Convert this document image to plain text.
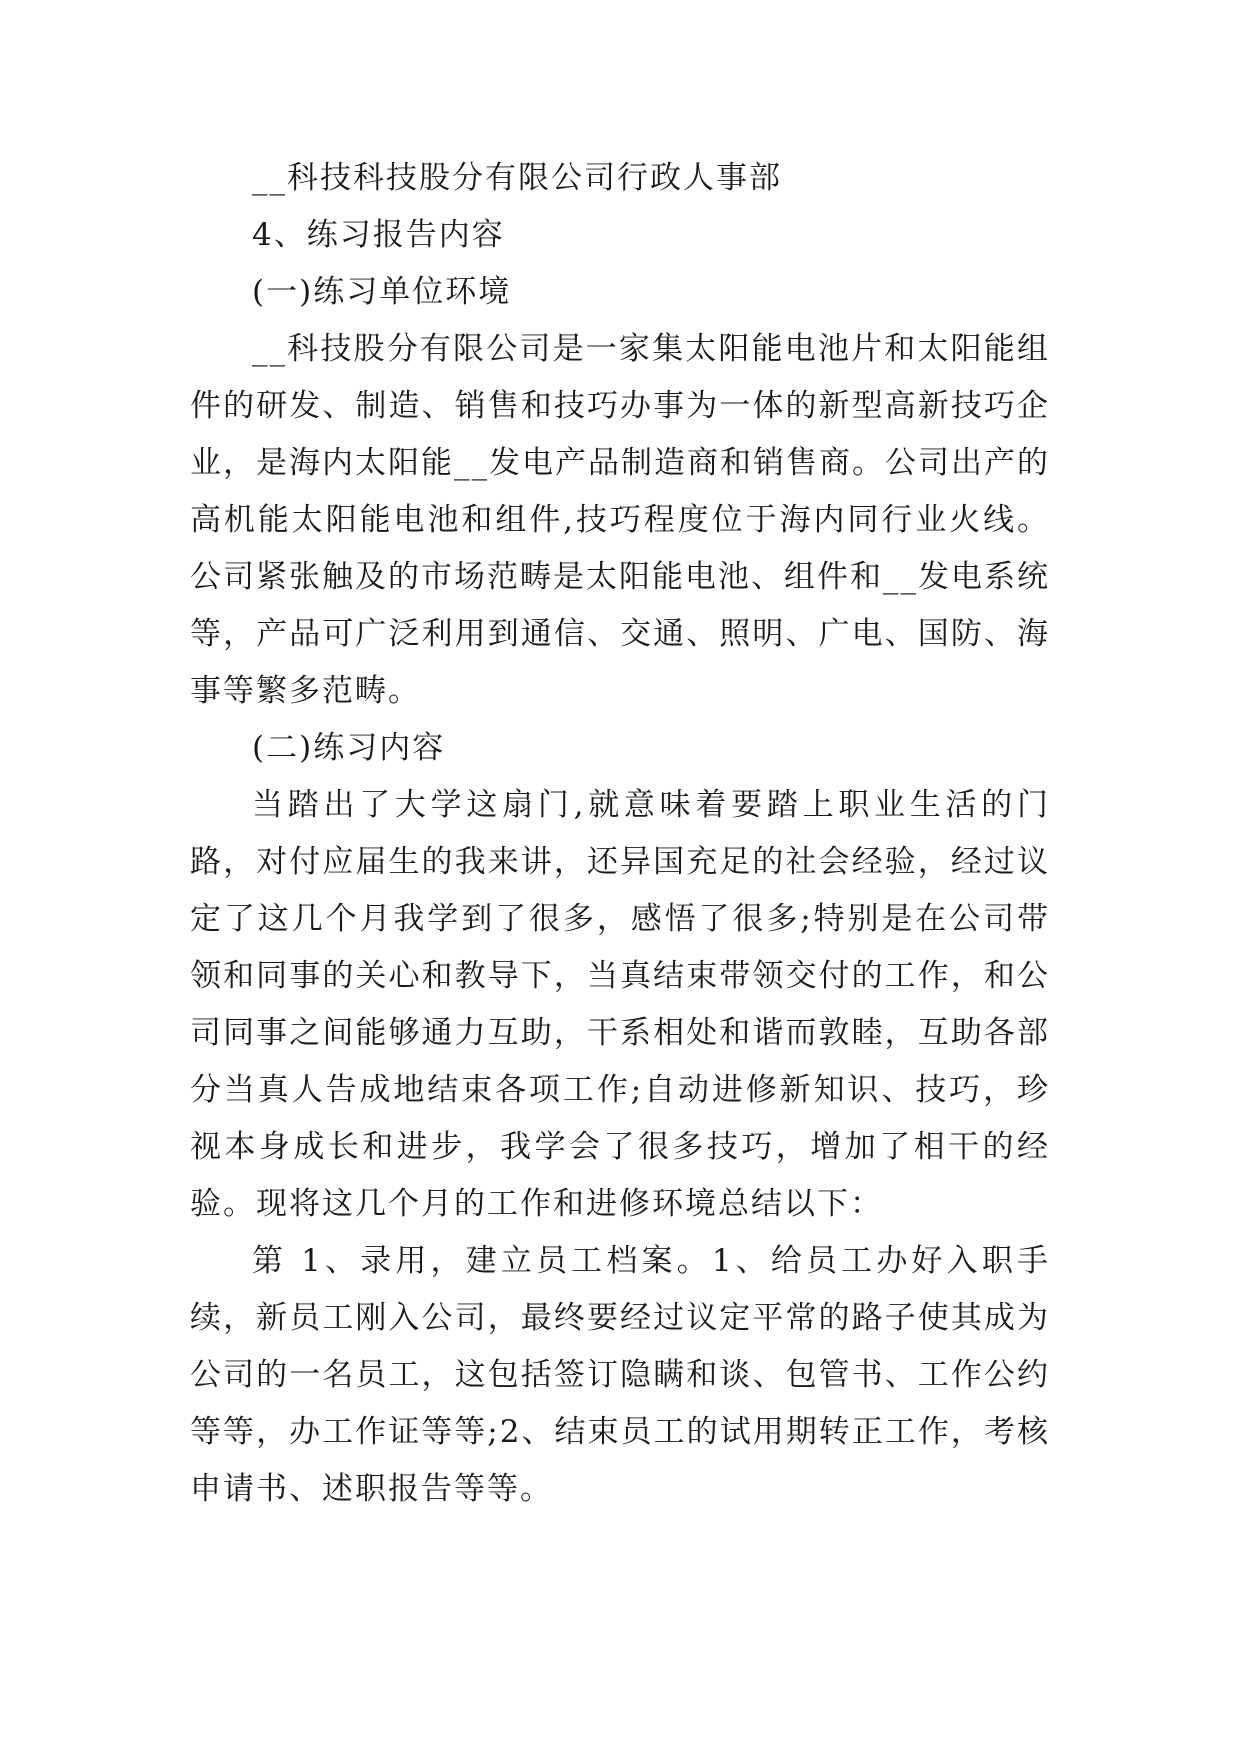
__科技科技股分有限公司行政人事部

4、练习报告内容

(一)练习单位环境

__科技股分有限公司是一家集太阳能电池片和太阳能组件的研发、制造、销售和技巧办事为一体的新型高新技巧企业，是海内太阳能__发电产品制造商和销售商。公司出产的高机能太阳能电池和组件,技巧程度位于海内同行业火线。公司紧张触及的市场范畴是太阳能电池、组件和__发电系统等，产品可广泛利用到通信、交通、照明、广电、国防、海事等繁多范畴。

(二)练习内容

当踏出了大学这扇门,就意味着要踏上职业生活的门路，对付应届生的我来讲，还异国充足的社会经验，经过议定了这几个月我学到了很多，感悟了很多;特别是在公司带领和同事的关心和教导下，当真结束带领交付的工作，和公司同事之间能够通力互助，干系相处和谐而敦睦，互助各部分当真人告成地结束各项工作;自动进修新知识、技巧，珍视本身成长和进步，我学会了很多技巧，增加了相干的经验。现将这几个月的工作和进修环境总结以下：

第 1、录用，建立员工档案。1、给员工办好入职手续，新员工刚入公司，最终要经过议定平常的路子使其成为公司的一名员工，这包括签订隐瞒和谈、包管书、工作公约等等，办工作证等等;2、结束员工的试用期转正工作，考核申请书、述职报告等等。
